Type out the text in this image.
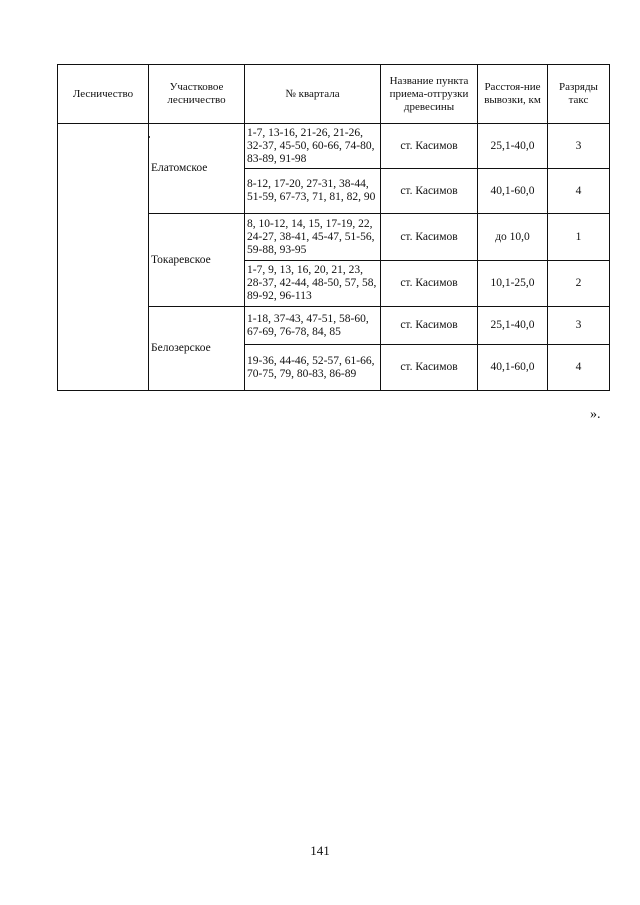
Лесничество	Участковое лесничество	№ квартала	Название пункта приема-отгрузки древесины	Расстоя-ние вывозки, км	Разряды такс
	Елатомское	1-7, 13-16, 21-26, 21-26, 32-37, 45-50, 60-66, 74-80, 83-89, 91-98	ст. Касимов	25,1-40,0	3
		8-12, 17-20, 27-31, 38-44, 51-59, 67-73, 71, 81, 82, 90	ст. Касимов	40,1-60,0	4
	Токаревское	8, 10-12, 14, 15, 17-19, 22, 24-27, 38-41, 45-47, 51-56, 59-88, 93-95	ст. Касимов	до 10,0	1
		1-7, 9, 13, 16, 20, 21, 23, 28-37, 42-44, 48-50, 57, 58, 89-92, 96-113	ст. Касимов	10,1-25,0	2
	Белозерское	1-18, 37-43, 47-51, 58-60, 67-69, 76-78, 84, 85	ст. Касимов	25,1-40,0	3
		19-36, 44-46, 52-57, 61-66, 70-75, 79, 80-83, 86-89	ст. Касимов	40,1-60,0	4
».
141
